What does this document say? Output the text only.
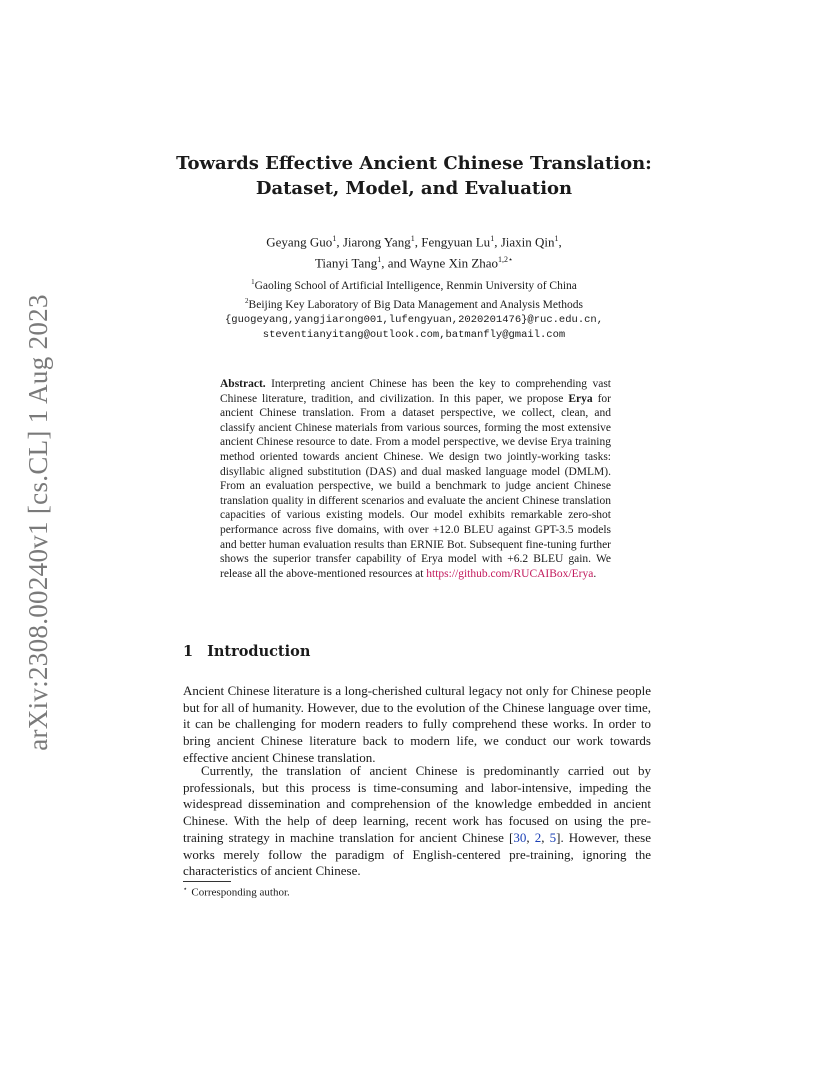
arXiv:2308.00240v1 [cs.CL] 1 Aug 2023
Towards Effective Ancient Chinese Translation:
Dataset, Model, and Evaluation
Geyang Guo$^1$, Jiarong Yang$^1$, Fengyuan Lu$^1$, Jiaxin Qin$^1$,
Tianyi Tang$^1$, and Wayne Xin Zhao$^{1,2⋆}$
$^1$Gaoling School of Artificial Intelligence, Renmin University of China
$^2$Beijing Key Laboratory of Big Data Management and Analysis Methods
{guogeyang,yangjiarong001,lufengyuan,2020201476}@ruc.edu.cn,
steventianyitang@outlook.com,batmanfly@gmail.com
Abstract. Interpreting ancient Chinese has been the key to comprehending vast Chinese literature, tradition, and civilization. In this paper, we propose Erya for ancient Chinese translation. From a dataset perspective, we collect, clean, and classify ancient Chinese materials from various sources, forming the most extensive ancient Chinese resource to date. From a model perspective, we devise Erya training method oriented towards ancient Chinese. We design two jointly-working tasks: disyllabic aligned substitution (DAS) and dual masked language model (DMLM). From an evaluation perspective, we build a benchmark to judge ancient Chinese translation quality in different scenarios and evaluate the ancient Chinese translation capacities of various existing models. Our model exhibits remarkable zero-shot performance across five domains, with over +12.0 BLEU against GPT-3.5 models and better human evaluation results than ERNIE Bot. Subsequent fine-tuning further shows the superior transfer capability of Erya model with +6.2 BLEU gain. We release all the above-mentioned resources at https://github.com/RUCAIBox/Erya.
1 Introduction
Ancient Chinese literature is a long-cherished cultural legacy not only for Chinese people but for all of humanity. However, due to the evolution of the Chinese language over time, it can be challenging for modern readers to fully comprehend these works. In order to bring ancient Chinese literature back to modern life, we conduct our work towards effective ancient Chinese translation.
Currently, the translation of ancient Chinese is predominantly carried out by professionals, but this process is time-consuming and labor-intensive, impeding the widespread dissemination and comprehension of the knowledge embedded in ancient Chinese. With the help of deep learning, recent work has focused on using the pre-training strategy in machine translation for ancient Chinese [30, 2, 5]. However, these works merely follow the paradigm of English-centered pre-training, ignoring the characteristics of ancient Chinese.
⋆ Corresponding author.
